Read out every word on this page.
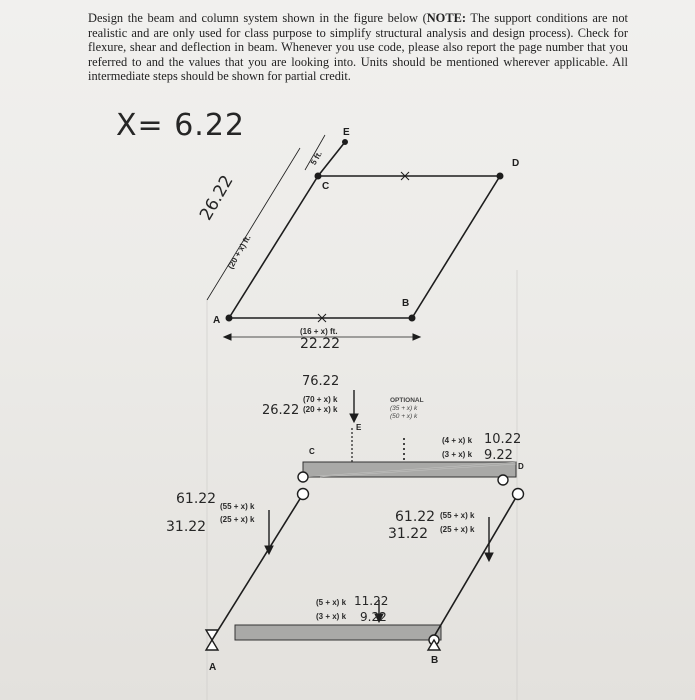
Design the beam and column system shown in the figure below (NOTE: The support conditions are not realistic and are only used for class purpose to simplify structural analysis and design process). Check for flexure, shear and deflection in beam. Whenever you use code, please also report the page number that you referred to and the values that you are looking into. Units should be mentioned wherever applicable. All intermediate steps should be shown for partial credit.
X= 6.22
26.22
22.22
76.22
26.22
61.22
31.22
61.22
31.22
10.22
9.22
11.22
9.22
(20 + x) ft.
5 ft.
(16 + x) ft.
A
B
C
D
E
(70 + x) k
(20 + x) k
E
OPTIONAL
(35 + x) k
(50 + x) k
(4 + x) k
(3 + x) k
C
D
(55 + x) k
(25 + x) k	(55 + x) k
(25 + x) k
(5 + x) k
(3 + x) k
A
B
